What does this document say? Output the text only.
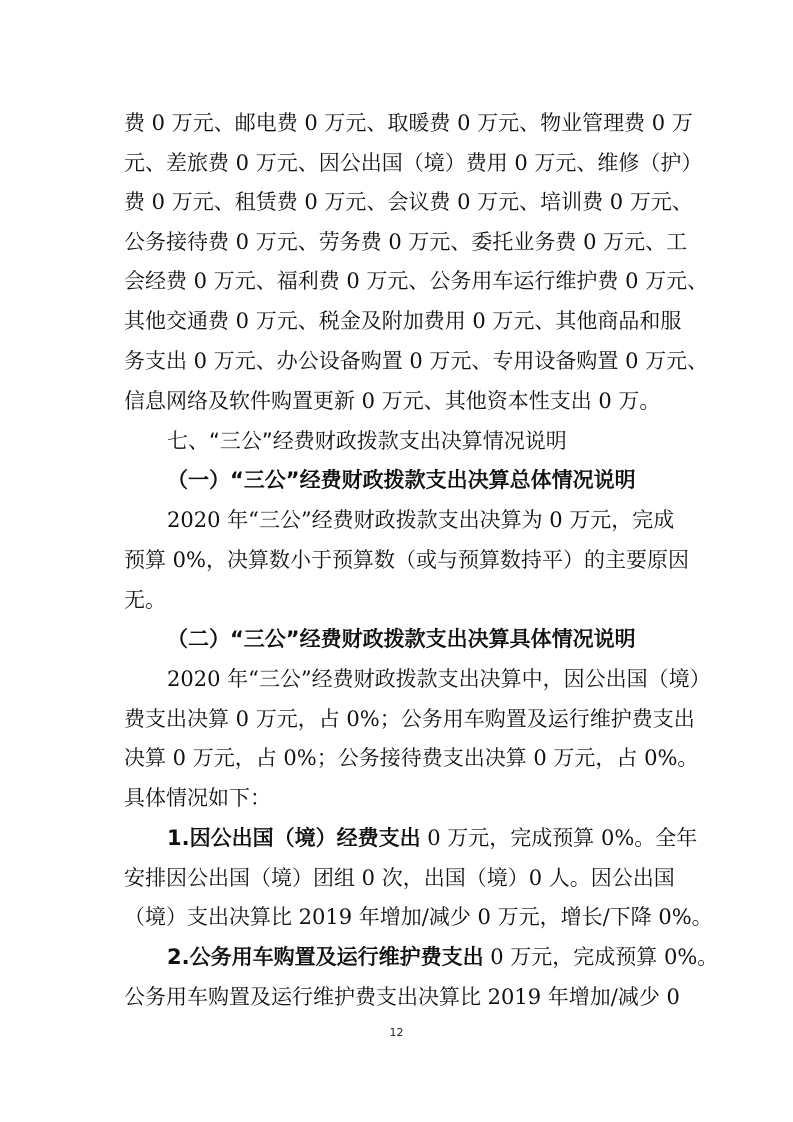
费 0 万元、邮电费 0 万元、取暖费 0 万元、物业管理费 0 万
元、差旅费 0 万元、因公出国（境）费用 0 万元、维修（护）
费 0 万元、租赁费 0 万元、会议费 0 万元、培训费 0 万元、
公务接待费 0 万元、劳务费 0 万元、委托业务费 0 万元、工
会经费 0 万元、福利费 0 万元、公务用车运行维护费 0 万元、
其他交通费 0 万元、税金及附加费用 0 万元、其他商品和服
务支出 0 万元、办公设备购置 0 万元、专用设备购置 0 万元、
信息网络及软件购置更新 0 万元、其他资本性支出 0 万。
七、“三公”经费财政拨款支出决算情况说明
（一）“三公”经费财政拨款支出决算总体情况说明
2020 年“三公”经费财政拨款支出决算为 0 万元，完成
预算 0%，决算数小于预算数（或与预算数持平）的主要原因
无。
（二）“三公”经费财政拨款支出决算具体情况说明
2020 年“三公”经费财政拨款支出决算中，因公出国（境）
费支出决算 0 万元，占 0%；公务用车购置及运行维护费支出
决算 0 万元，占 0%；公务接待费支出决算 0 万元，占 0%。
具体情况如下：
1.因公出国（境）经费支出 0 万元，完成预算 0%。全年
安排因公出国（境）团组 0 次，出国（境）0 人。因公出国
（境）支出决算比 2019 年增加/减少 0 万元，增长/下降 0%。
2.公务用车购置及运行维护费支出 0 万元，完成预算 0%。
公务用车购置及运行维护费支出决算比 2019 年增加/减少 0
12
